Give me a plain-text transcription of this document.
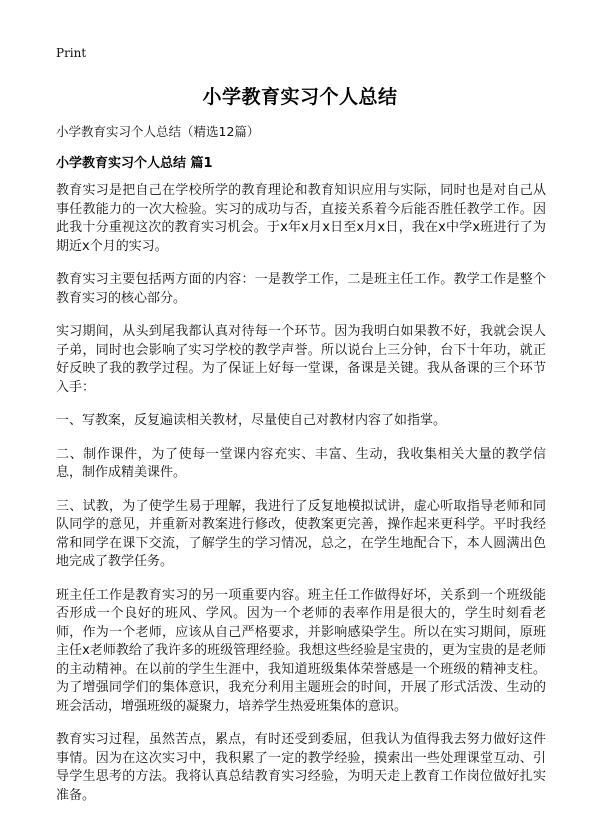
Print
小学教育实习个人总结

小学教育实习个人总结（精选12篇）

小学教育实习个人总结 篇1

教育实习是把自己在学校所学的教育理论和教育知识应用与实际，同时也是对自己从事任教能力的一次大检验。实习的成功与否，直接关系着今后能否胜任教学工作。因此我十分重视这次的教育实习机会。于x年x月x日至x月x日，我在x中学x班进行了为期近x个月的实习。

教育实习主要包括两方面的内容：一是教学工作，二是班主任工作。教学工作是整个教育实习的核心部分。

实习期间，从头到尾我都认真对待每一个环节。因为我明白如果教不好，我就会误人子弟，同时也会影响了实习学校的教学声誉。所以说台上三分钟，台下十年功，就正好反映了我的教学过程。为了保证上好每一堂课，备课是关键。我从备课的三个环节入手：

一、写教案，反复遍读相关教材，尽量使自己对教材内容了如指掌。

二、制作课件，为了使每一堂课内容充实、丰富、生动，我收集相关大量的教学信息，制作成精美课件。

三、试教，为了使学生易于理解，我进行了反复地模拟试讲，虚心听取指导老师和同队同学的意见，并重新对教案进行修改，使教案更完善，操作起来更科学。平时我经常和同学在课下交流，了解学生的学习情况，总之，在学生地配合下，本人圆满出色地完成了教学任务。

班主任工作是教育实习的另一项重要内容。班主任工作做得好坏，关系到一个班级能否形成一个良好的班风、学风。因为一个老师的表率作用是很大的，学生时刻看老师，作为一个老师，应该从自己严格要求，并影响感染学生。所以在实习期间，原班主任x老师教给了我许多的班级管理经验。我想这些经验是宝贵的，更为宝贵的是老师的主动精神。在以前的学生生涯中，我知道班级集体荣誉感是一个班级的精神支柱。为了增强同学们的集体意识，我充分利用主题班会的时间，开展了形式活泼、生动的班会活动，增强班级的凝聚力，培养学生热爱班集体的意识。

教育实习过程，虽然苦点，累点，有时还受到委屈，但我认为值得我去努力做好这件事情。因为在这次实习中，我积累了一定的教学经验，摸索出一些处理课堂互动、引导学生思考的方法。我将认真总结教育实习经验，为明天走上教育工作岗位做好扎实准备。
